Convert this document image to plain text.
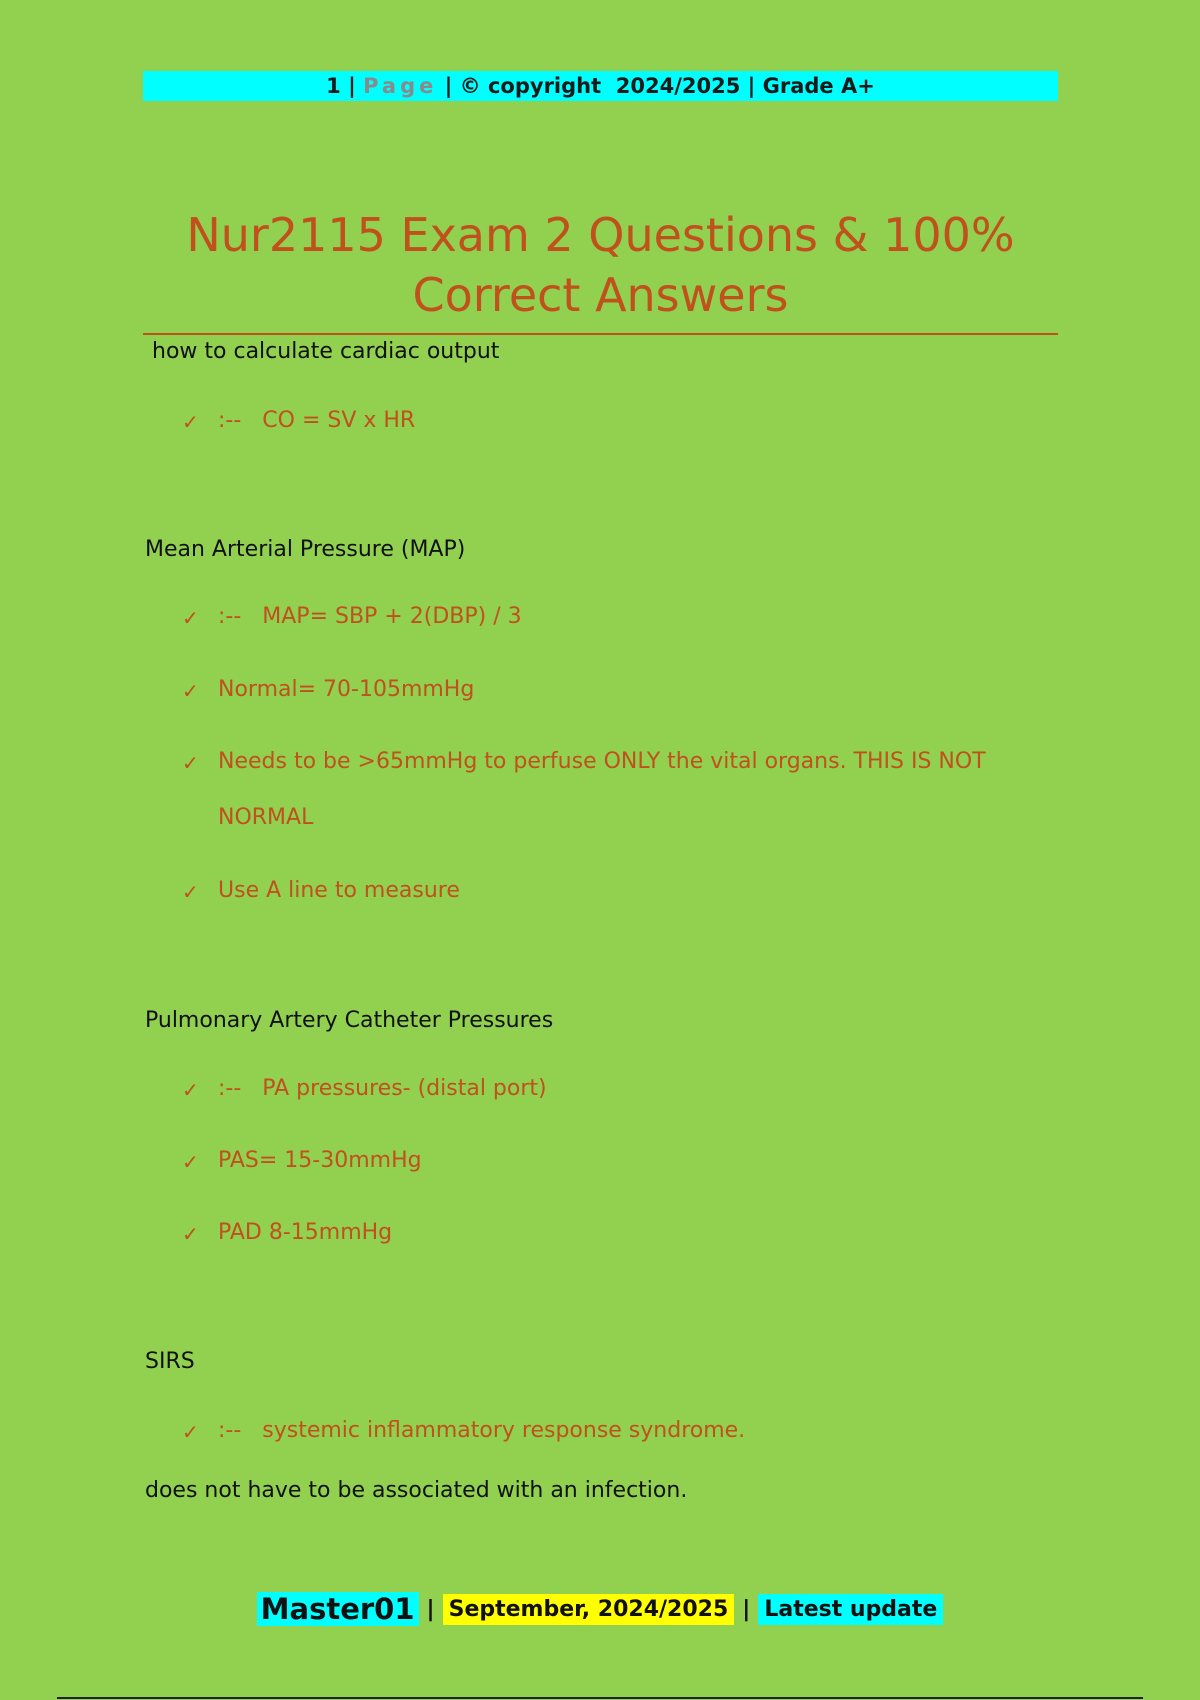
1 | Page | © copyright  2024/2025 | Grade A+
Nur2115 Exam 2 Questions & 100% Correct Answers
how to calculate cardiac output
✓ :--   CO = SV x HR
Mean Arterial Pressure (MAP)
✓ :--   MAP= SBP + 2(DBP) / 3
✓ Normal= 70-105mmHg
✓ Needs to be >65mmHg to perfuse ONLY the vital organs. THIS IS NOT
NORMAL
✓ Use A line to measure
Pulmonary Artery Catheter Pressures
✓ :--   PA pressures- (distal port)
✓ PAS= 15-30mmHg
✓ PAD 8-15mmHg
SIRS
✓ :--   systemic inflammatory response syndrome.
does not have to be associated with an infection.
Master01 | September, 2024/2025 | Latest update
